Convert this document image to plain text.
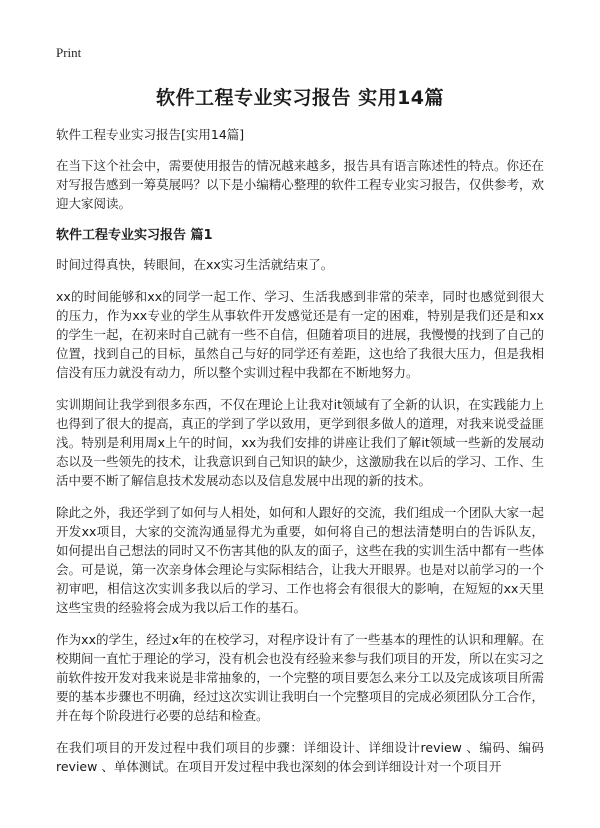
Print
软件工程专业实习报告 实用14篇
软件工程专业实习报告[实用14篇]

在当下这个社会中，需要使用报告的情况越来越多，报告具有语言陈述性的特点。你还在对写报告感到一筹莫展吗？以下是小编精心整理的软件工程专业实习报告，仅供参考，欢迎大家阅读。

软件工程专业实习报告 篇1

时间过得真快，转眼间，在xx实习生活就结束了。

xx的时间能够和xx的同学一起工作、学习、生活我感到非常的荣幸，同时也感觉到很大的压力，作为xx专业的学生从事软件开发感觉还是有一定的困难，特别是我们还是和xx的学生一起，在初来时自己就有一些不自信，但随着项目的进展，我慢慢的找到了自己的位置，找到自己的目标，虽然自己与好的同学还有差距，这也给了我很大压力，但是我相信没有压力就没有动力，所以整个实训过程中我都在不断地努力。

实训期间让我学到很多东西，不仅在理论上让我对it领域有了全新的认识，在实践能力上也得到了很大的提高，真正的学到了学以致用，更学到很多做人的道理，对我来说受益匪浅。特别是利用周x上午的时间，xx为我们安排的讲座让我们了解it领域一些新的发展动态以及一些领先的技术，让我意识到自己知识的缺少，这激励我在以后的学习、工作、生活中要不断了解信息技术发展动态以及信息发展中出现的新的技术。

除此之外，我还学到了如何与人相处，如何和人跟好的交流，我们组成一个团队大家一起开发xx项目，大家的交流沟通显得尤为重要，如何将自己的想法清楚明白的告诉队友，如何提出自己想法的同时又不伤害其他的队友的面子，这些在我的实训生活中都有一些体会。可是说，第一次亲身体会理论与实际相结合，让我大开眼界。也是对以前学习的一个初审吧，相信这次实训多我以后的学习、工作也将会有很很大的影响，在短短的xx天里这些宝贵的经验将会成为我以后工作的基石。

作为xx的学生，经过x年的在校学习，对程序设计有了一些基本的理性的认识和理解。在校期间一直忙于理论的学习，没有机会也没有经验来参与我们项目的开发，所以在实习之前软件按开发对我来说是非常抽象的，一个完整的项目要怎么来分工以及完成该项目所需要的基本步骤也不明确，经过这次实训让我明白一个完整项目的完成必须团队分工合作，并在每个阶段进行必要的总结和检查。

在我们项目的开发过程中我们项目的步骤：详细设计、详细设计review 、编码、编码review 、单体测试。在项目开发过程中我也深刻的体会到详细设计对一个项目开
